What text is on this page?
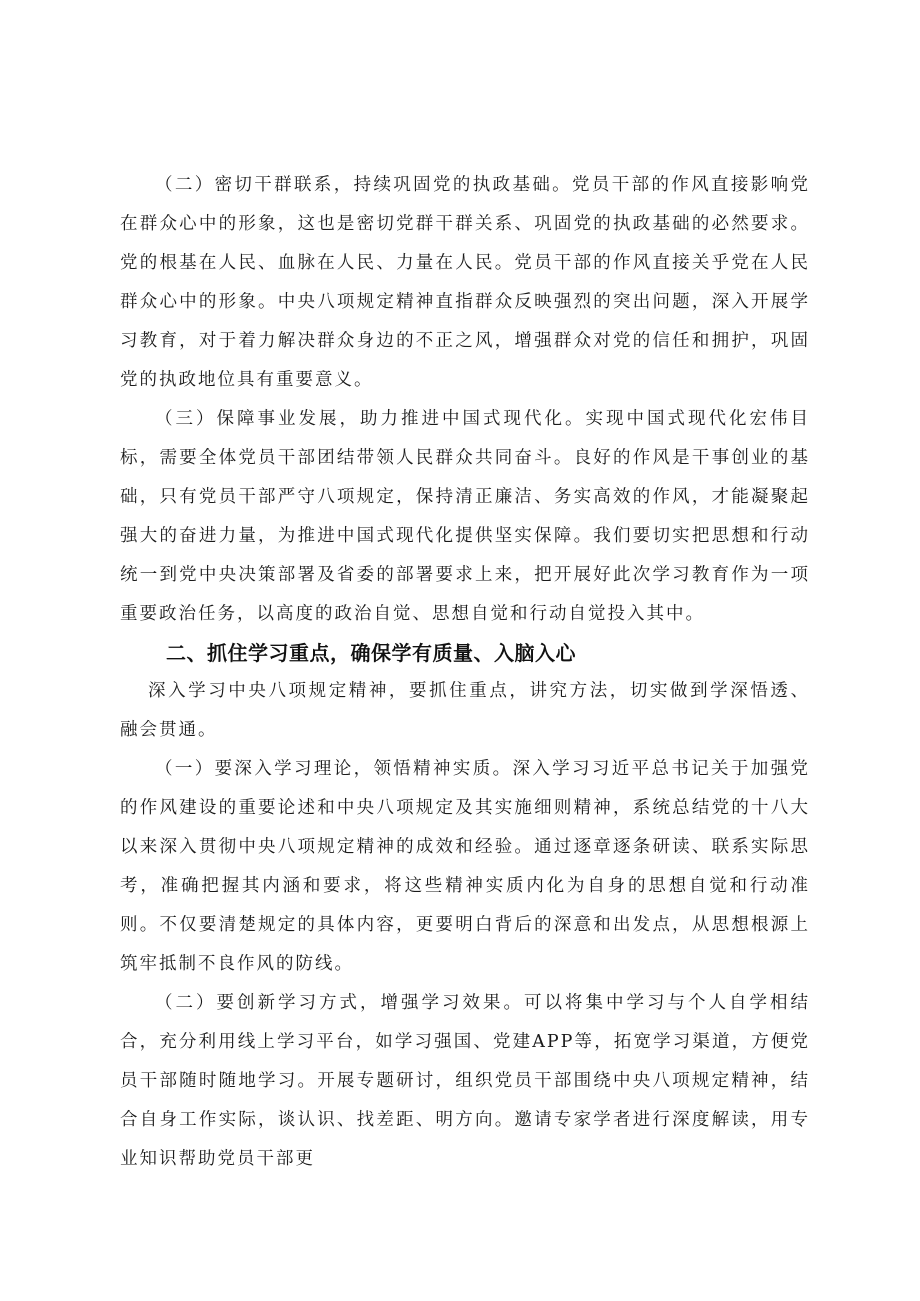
（二）密切干群联系，持续巩固党的执政基础。党员干部的作风直接影响党在群众心中的形象，这也是密切党群干群关系、巩固党的执政基础的必然要求。党的根基在人民、血脉在人民、力量在人民。党员干部的作风直接关乎党在人民群众心中的形象。中央八项规定精神直指群众反映强烈的突出问题，深入开展学习教育，对于着力解决群众身边的不正之风，增强群众对党的信任和拥护，巩固党的执政地位具有重要意义。

（三）保障事业发展，助力推进中国式现代化。实现中国式现代化宏伟目标，需要全体党员干部团结带领人民群众共同奋斗。良好的作风是干事创业的基础，只有党员干部严守八项规定，保持清正廉洁、务实高效的作风，才能凝聚起强大的奋进力量，为推进中国式现代化提供坚实保障。我们要切实把思想和行动统一到党中央决策部署及省委的部署要求上来，把开展好此次学习教育作为一项重要政治任务，以高度的政治自觉、思想自觉和行动自觉投入其中。

二、抓住学习重点，确保学有质量、入脑入心

深入学习中央八项规定精神，要抓住重点，讲究方法，切实做到学深悟透、融会贯通。

（一）要深入学习理论，领悟精神实质。深入学习习近平总书记关于加强党的作风建设的重要论述和中央八项规定及其实施细则精神，系统总结党的十八大以来深入贯彻中央八项规定精神的成效和经验。通过逐章逐条研读、联系实际思考，准确把握其内涵和要求，将这些精神实质内化为自身的思想自觉和行动准则。不仅要清楚规定的具体内容，更要明白背后的深意和出发点，从思想根源上筑牢抵制不良作风的防线。

（二）要创新学习方式，增强学习效果。可以将集中学习与个人自学相结合，充分利用线上学习平台，如学习强国、党建APP等，拓宽学习渠道，方便党员干部随时随地学习。开展专题研讨，组织党员干部围绕中央八项规定精神，结合自身工作实际，谈认识、找差距、明方向。邀请专家学者进行深度解读，用专业知识帮助党员干部更
